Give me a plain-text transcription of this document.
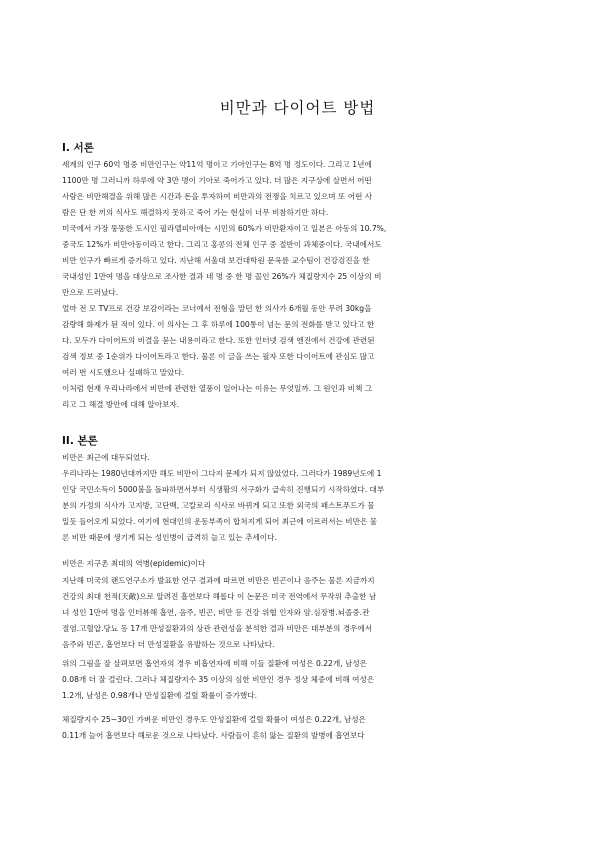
비만과 다이어트 방법
I. 서론
세계의 인구 60억 명중 비만인구는 약11억 명이고 기아인구는 8억 명 정도이다. 그리고 1년에
1100만 명 그러니까 하루에 약 3만 명이 기아로 죽어가고 있다. 더 많은 지구상에 살면서 어떤
사람은 비만해결을 위해 많은 시간과 돈을 투자하여 비만과의 전쟁을 치르고 있으며 또 어떤 사
람은 단 한 끼의 식사도 해결하지 못하고 죽어 가는 현실이 너무 비참하기만 하다.
미국에서 가장 뚱뚱한 도시인 필라델피아에는 시민의 60%가 비만환자이고 일본은 아동의 10.7%,
중국도 12%가 비만아동이라고 한다. 그리고 홍콩의 전체 인구 중 절반이 과체중이다. 국내에서도
비만 인구가 빠르게 증가하고 있다. 지난해 서울대 보건대학원 문옥륜 교수팀이 건강검진을 한
국내성인 1만여 명을 대상으로 조사한 결과 네 명 중 한 명 꼴인 26%가 체질량지수 25 이상의 비
만으로 드러났다.
얼마 전 모 TV프로 건강 보감이라는 코너에서 전형을 말던 한 의사가 6개월 동안 무려 30kg을
감량해 화제가 된 적이 있다. 이 의사는 그 후 하루에 100통이 넘는 문의 전화를 받고 있다고 한
다. 모두가 다이어트의 비결을 묻는 내용이라고 한다. 또한 인터넷 검색 엔진에서 건강에 관련된
검색 정보 중 1순위가 다이어트라고 한다. 물론 이 글을 쓰는 필자 또한 다이어트에 관심도 많고
여러 번 시도했으나 실패하고 말았다.
이처럼 현재 우리나라에서 비만에 관련한 열풍이 일어나는 이유는 무엇일까. 그 원인과 비책 그
리고 그 해결 방안에 대해 알아보자.
II. 본론
비만은 최근에 대두되었다.
우리나라는 1980년대까지만 해도 비만이 그다지 문제가 되지 않았었다. 그러다가 1989년도에 1
인당 국민소득이 5000불을 돌파하면서부터 식생활의 서구화가 급속히 진행되기 시작하였다. 대부
분의 가정의 식사가 고지방, 고단백, 고칼로리 식사로 바뀌게 되고 또한 외국의 패스트푸드가 물
밀듯 들어오게 되었다. 여기에 현대인의 운동부족이 합쳐지게 되어 최근에 이르러서는 비만은 물
론 비만 때문에 생기게 되는 성인병이 급격히 늘고 있는 추세이다.
비만은 지구촌 최대의 역병(epidemic)이다
지난해 미국의 랜드연구소가 발표한 연구 결과에 따르면 비만은 빈곤이나 음주는 물론 지금까지
건강의 최대 천적(天敵)으로 알려진 흡연보다 해롭다 이 논문은 미국 전역에서 무작위 추출한 남
녀 성인 1만여 명을 인터뷰해 흡연, 음주, 빈곤, 비만 등 건강 위협 인자와 암.심장병.뇌졸중.관
절염.고혈압.당뇨 등 17개 만성질환과의 상관 관련성을 분석한 결과 비만은 대부분의 경우에서
음주와 빈곤, 흡연보다 더 만성질환을 유발하는 것으로 나타났다.
위의 그림을 잘 살펴보면 흡연자의 경우 비흡연자에 비해 이들 질환에 여성은 0.22개, 남성은
0.08개 더 잘 걸린다. 그러나 체질량지수 35 이상의 심한 비만인 경우 정상 체중에 비해 여성은
1.2개, 남성은 0.98개나 만성질환에 걸릴 확률이 증가했다.
체질량지수 25~30인 가벼운 비만인 경우도 만성질환에 걸릴 확률이 여성은 0.22개, 남성은
0.11개 늘어 흡연보다 해로운 것으로 나타났다. 사람들이 흔히 앓는 질환의 발병에 흡연보다
